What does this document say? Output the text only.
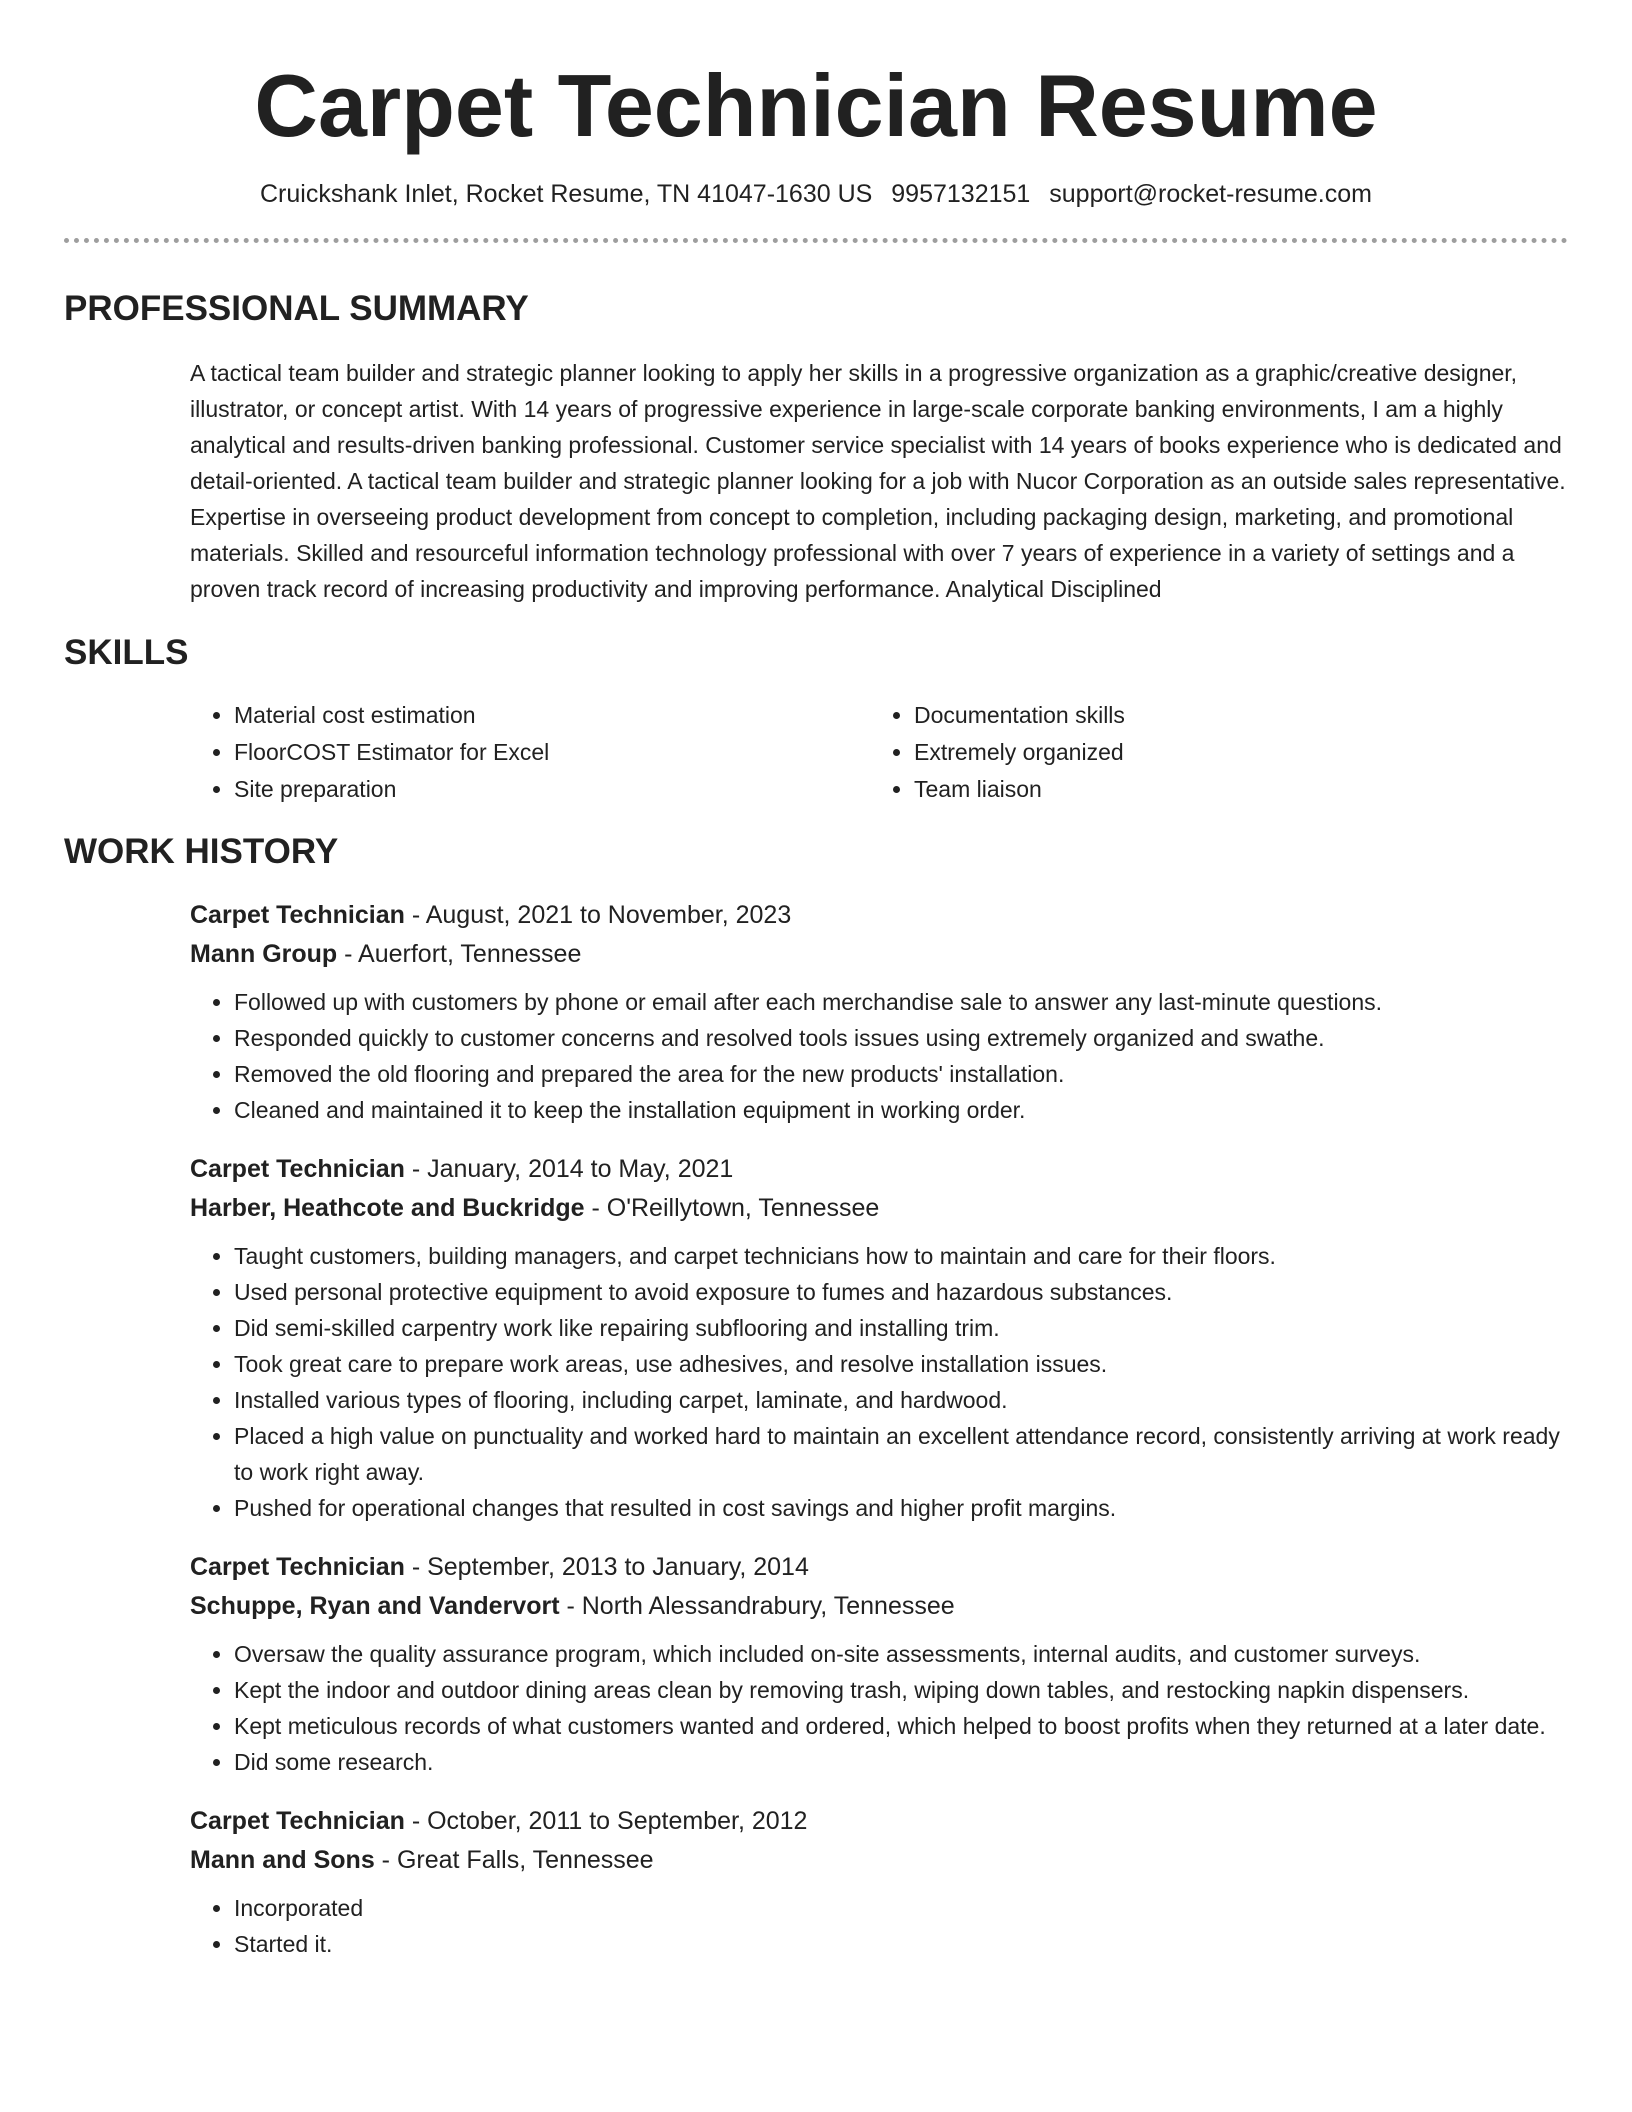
Carpet Technician Resume
Cruickshank Inlet, Rocket Resume, TN 41047-1630 US 9957132151 support@rocket-resume.com
PROFESSIONAL SUMMARY
A tactical team builder and strategic planner looking to apply her skills in a progressive organization as a graphic/creative designer, illustrator, or concept artist. With 14 years of progressive experience in large-scale corporate banking environments, I am a highly analytical and results-driven banking professional. Customer service specialist with 14 years of books experience who is dedicated and detail-oriented. A tactical team builder and strategic planner looking for a job with Nucor Corporation as an outside sales representative. Expertise in overseeing product development from concept to completion, including packaging design, marketing, and promotional materials. Skilled and resourceful information technology professional with over 7 years of experience in a variety of settings and a proven track record of increasing productivity and improving performance. Analytical Disciplined
SKILLS
• Material cost estimation
• FloorCOST Estimator for Excel
• Site preparation
• Documentation skills
• Extremely organized
• Team liaison
WORK HISTORY
Carpet Technician - August, 2021 to November, 2023
Mann Group - Auerfort, Tennessee
• Followed up with customers by phone or email after each merchandise sale to answer any last-minute questions.
• Responded quickly to customer concerns and resolved tools issues using extremely organized and swathe.
• Removed the old flooring and prepared the area for the new products' installation.
• Cleaned and maintained it to keep the installation equipment in working order.
Carpet Technician - January, 2014 to May, 2021
Harber, Heathcote and Buckridge - O'Reillytown, Tennessee
• Taught customers, building managers, and carpet technicians how to maintain and care for their floors.
• Used personal protective equipment to avoid exposure to fumes and hazardous substances.
• Did semi-skilled carpentry work like repairing subflooring and installing trim.
• Took great care to prepare work areas, use adhesives, and resolve installation issues.
• Installed various types of flooring, including carpet, laminate, and hardwood.
• Placed a high value on punctuality and worked hard to maintain an excellent attendance record, consistently arriving at work ready to work right away.
• Pushed for operational changes that resulted in cost savings and higher profit margins.
Carpet Technician - September, 2013 to January, 2014
Schuppe, Ryan and Vandervort - North Alessandrabury, Tennessee
• Oversaw the quality assurance program, which included on-site assessments, internal audits, and customer surveys.
• Kept the indoor and outdoor dining areas clean by removing trash, wiping down tables, and restocking napkin dispensers.
• Kept meticulous records of what customers wanted and ordered, which helped to boost profits when they returned at a later date.
• Did some research.
Carpet Technician - October, 2011 to September, 2012
Mann and Sons - Great Falls, Tennessee
• Incorporated
• Started it.
